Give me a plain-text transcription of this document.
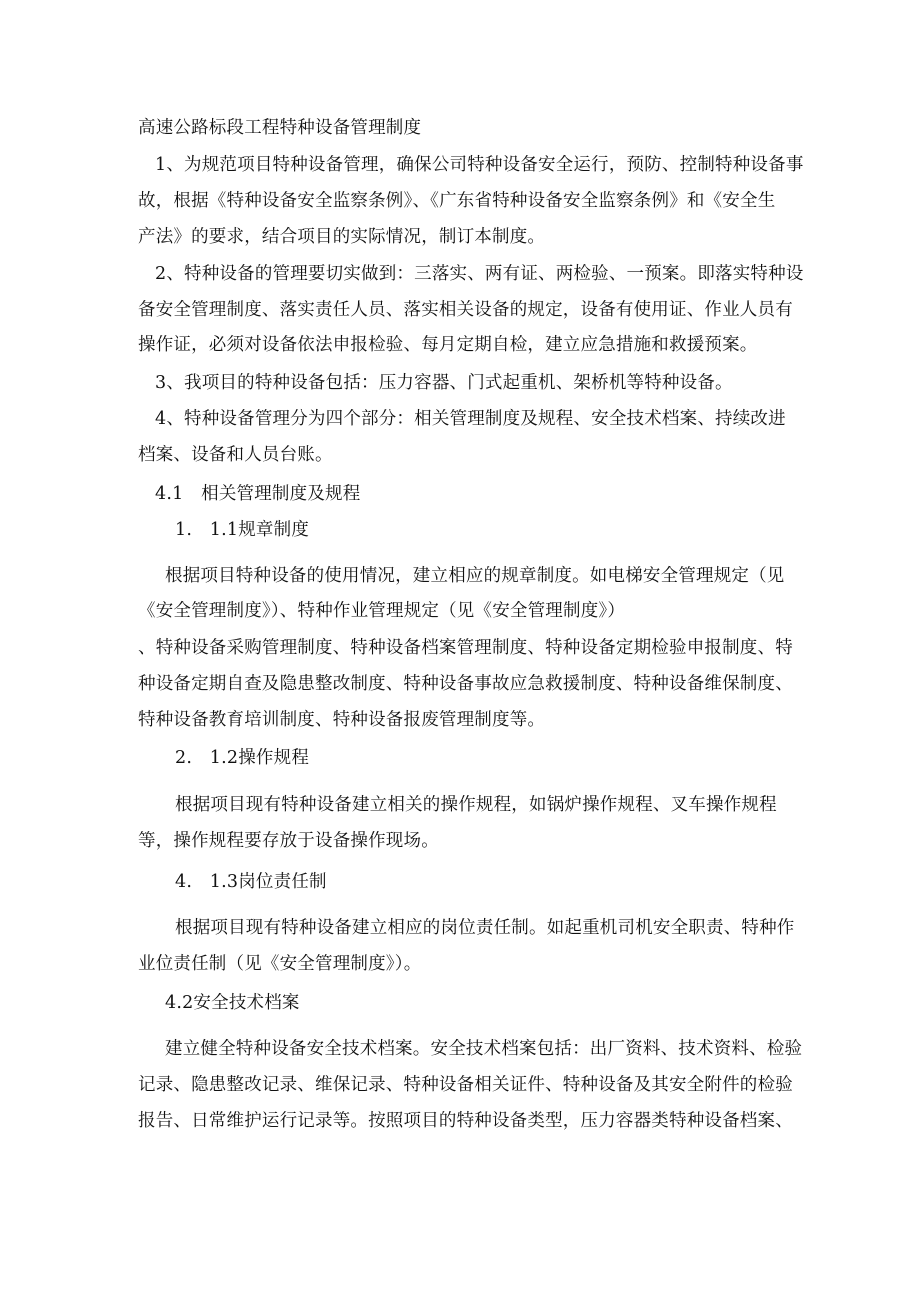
高速公路标段工程特种设备管理制度
1、为规范项目特种设备管理，确保公司特种设备安全运行，预防、控制特种设备事
故，根据《特种设备安全监察条例》、《广东省特种设备安全监察条例》和《安全生
产法》的要求，结合项目的实际情况，制订本制度。
2、特种设备的管理要切实做到：三落实、两有证、两检验、一预案。即落实特种设
备安全管理制度、落实责任人员、落实相关设备的规定，设备有使用证、作业人员有
操作证，必须对设备依法申报检验、每月定期自检，建立应急措施和救援预案。
3、我项目的特种设备包括：压力容器、门式起重机、架桥机等特种设备。
4、特种设备管理分为四个部分：相关管理制度及规程、安全技术档案、持续改进
档案、设备和人员台账。
4.1　相关管理制度及规程
1.　1.1规章制度
根据项目特种设备的使用情况，建立相应的规章制度。如电梯安全管理规定（见
《安全管理制度》）、特种作业管理规定（见《安全管理制度》）
、特种设备采购管理制度、特种设备档案管理制度、特种设备定期检验申报制度、特
种设备定期自查及隐患整改制度、特种设备事故应急救援制度、特种设备维保制度、
特种设备教育培训制度、特种设备报废管理制度等。
2.　1.2操作规程
根据项目现有特种设备建立相关的操作规程，如锅炉操作规程、叉车操作规程
等，操作规程要存放于设备操作现场。
4.　1.3岗位责任制
根据项目现有特种设备建立相应的岗位责任制。如起重机司机安全职责、特种作
业位责任制（见《安全管理制度》）。
4.2安全技术档案
建立健全特种设备安全技术档案。安全技术档案包括：出厂资料、技术资料、检验
记录、隐患整改记录、维保记录、特种设备相关证件、特种设备及其安全附件的检验
报告、日常维护运行记录等。按照项目的特种设备类型，压力容器类特种设备档案、
